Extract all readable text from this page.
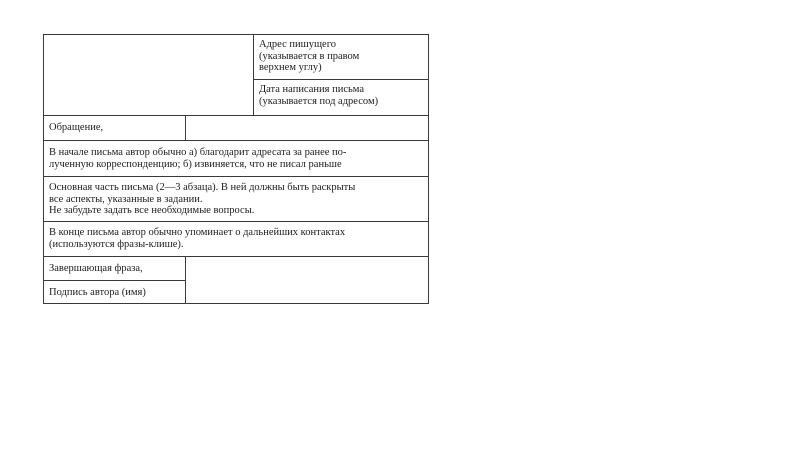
Адрес пишущего
(указывается в правом
верхнем углу)
Дата написания письма
(указывается под адресом)
Обращение,
В начале письма автор обычно а) благодарит адресата за ранее по-
лученную корреспонденцию; б) извиняется, что не писал раньше
Основная часть письма (2—3 абзаца). В ней должны быть раскрыты
все аспекты, указанные в задании.
Не забудьте задать все необходимые вопросы.
В конце письма автор обычно упоминает о дальнейших контактах
(используются фразы-клише).
Завершающая фраза,
Подпись автора (имя)
